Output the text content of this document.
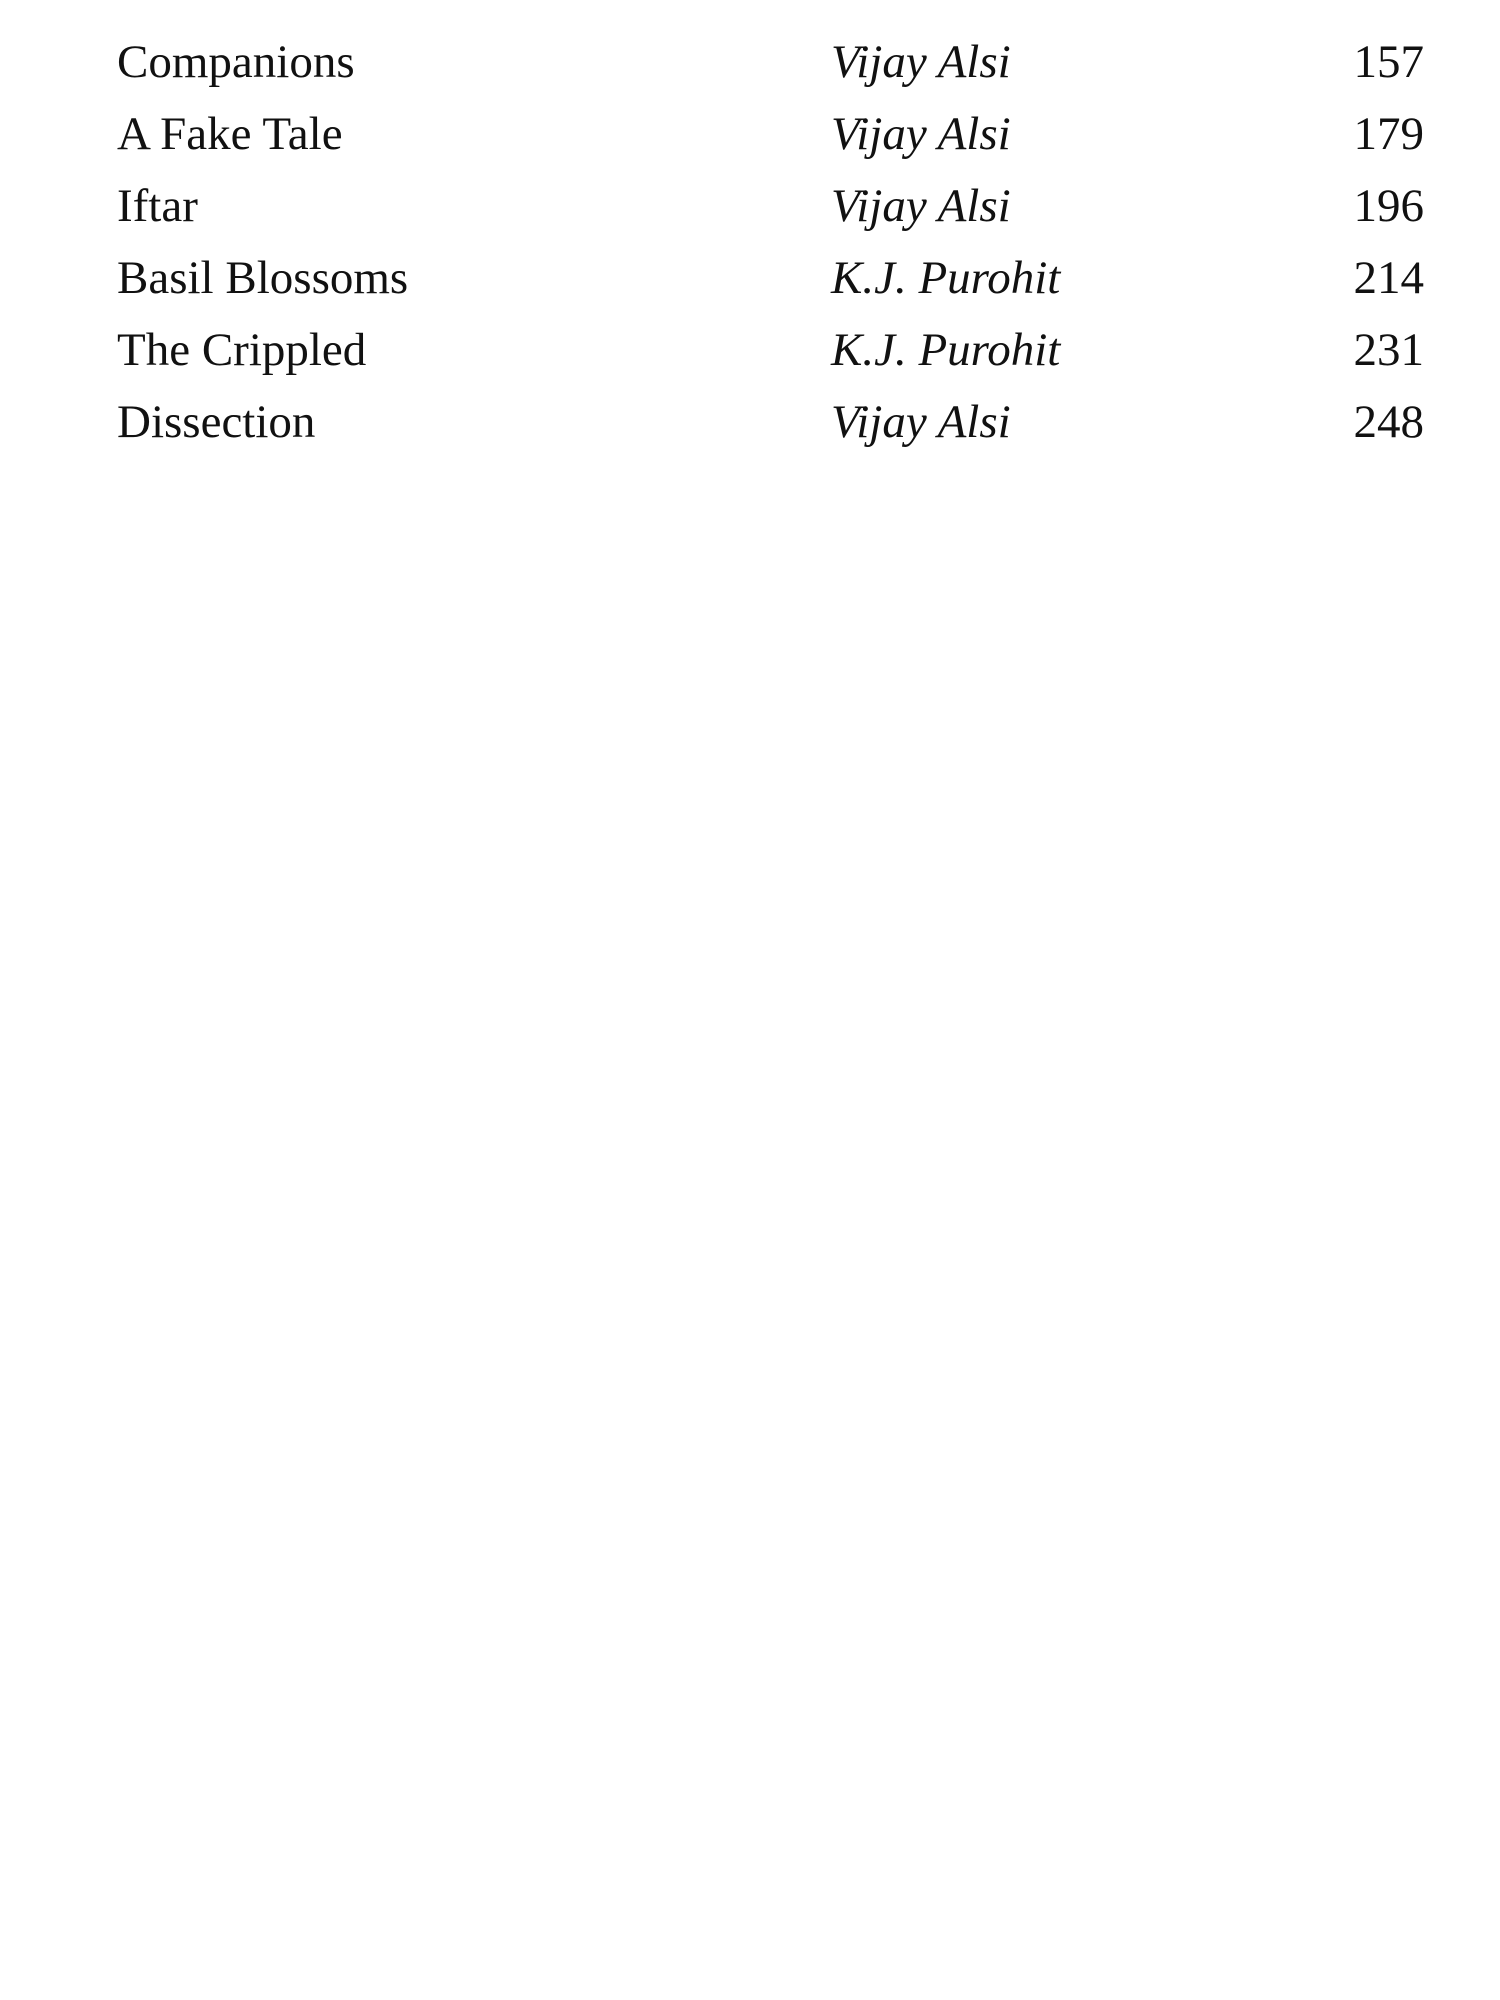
Companions	Vijay Alsi	157
A Fake Tale	Vijay Alsi	179
Iftar	Vijay Alsi	196
Basil Blossoms	K.J. Purohit	214
The Crippled	K.J. Purohit	231
Dissection	Vijay Alsi	248
